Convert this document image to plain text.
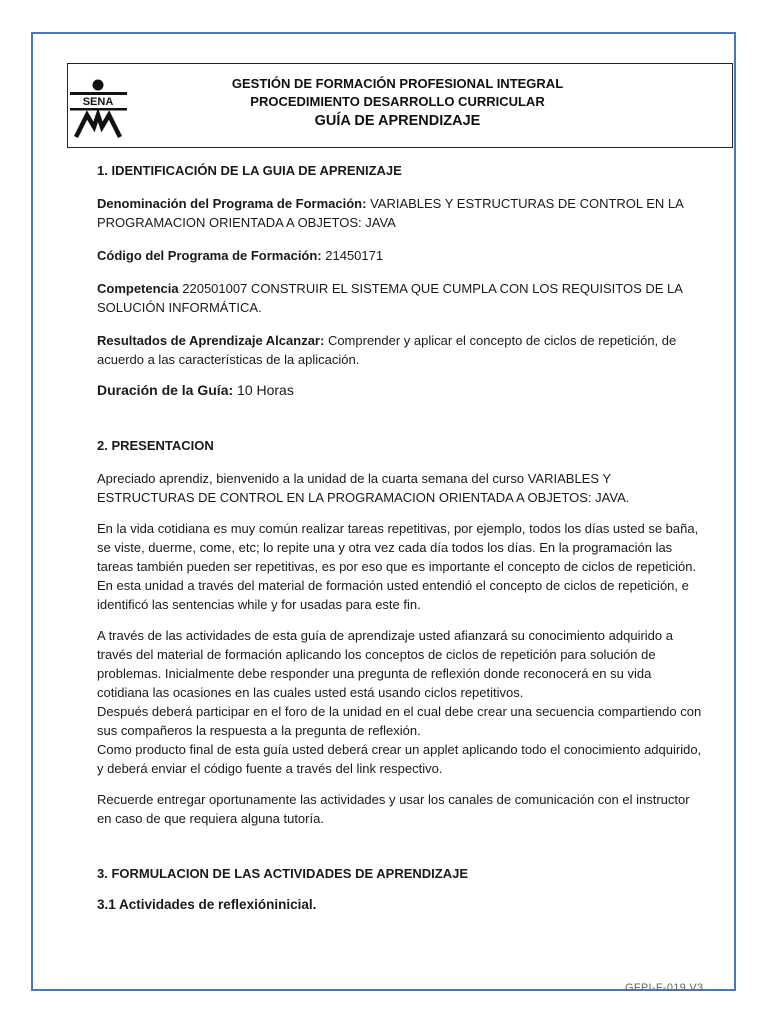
SENA
GESTIÓN DE FORMACIÓN PROFESIONAL INTEGRAL
PROCEDIMIENTO DESARROLLO CURRICULAR
GUÍA DE APRENDIZAJE

1. IDENTIFICACIÓN DE LA GUIA DE APRENIZAJE

Denominación del Programa de Formación: VARIABLES Y ESTRUCTURAS DE CONTROL EN LA PROGRAMACION ORIENTADA A OBJETOS: JAVA

Código del Programa de Formación: 21450171

Competencia 220501007 CONSTRUIR EL SISTEMA QUE CUMPLA CON LOS REQUISITOS DE LA SOLUCIÓN INFORMÁTICA.

Resultados de Aprendizaje Alcanzar: Comprender y aplicar el concepto de ciclos de repetición, de acuerdo a las características de la aplicación.

Duración de la Guía: 10 Horas

2. PRESENTACION

Apreciado aprendiz, bienvenido a la unidad de la cuarta semana del curso VARIABLES Y ESTRUCTURAS DE CONTROL EN LA PROGRAMACION ORIENTADA A OBJETOS: JAVA.

En la vida cotidiana es muy común realizar tareas repetitivas, por ejemplo, todos los días usted se baña, se viste, duerme, come, etc; lo repite una y otra vez cada día todos los días. En la programación las tareas también pueden ser repetitivas, es por eso que es importante el concepto de ciclos de repetición. En esta unidad a través del material de formación usted entendió el concepto de ciclos de repetición, e identificó las sentencias while y for usadas para este fin.

A través de las actividades de esta guía de aprendizaje usted afianzará su conocimiento adquirido a través del material de formación aplicando los conceptos de ciclos de repetición para solución de problemas. Inicialmente debe responder una pregunta de reflexión donde reconocerá en su vida cotidiana las ocasiones en las cuales usted está usando ciclos repetitivos.

Después deberá participar en el foro de la unidad en el cual debe crear una secuencia compartiendo con sus compañeros la respuesta a la pregunta de reflexión.

Como producto final de esta guía usted deberá crear un applet aplicando todo el conocimiento adquirido, y deberá enviar el código fuente a través del link respectivo.

Recuerde entregar oportunamente las actividades y usar los canales de comunicación con el instructor en caso de que requiera alguna tutoría.

3. FORMULACION DE LAS ACTIVIDADES DE APRENDIZAJE

3.1 Actividades de reflexióninicial.

GFPI-F-019 V3
